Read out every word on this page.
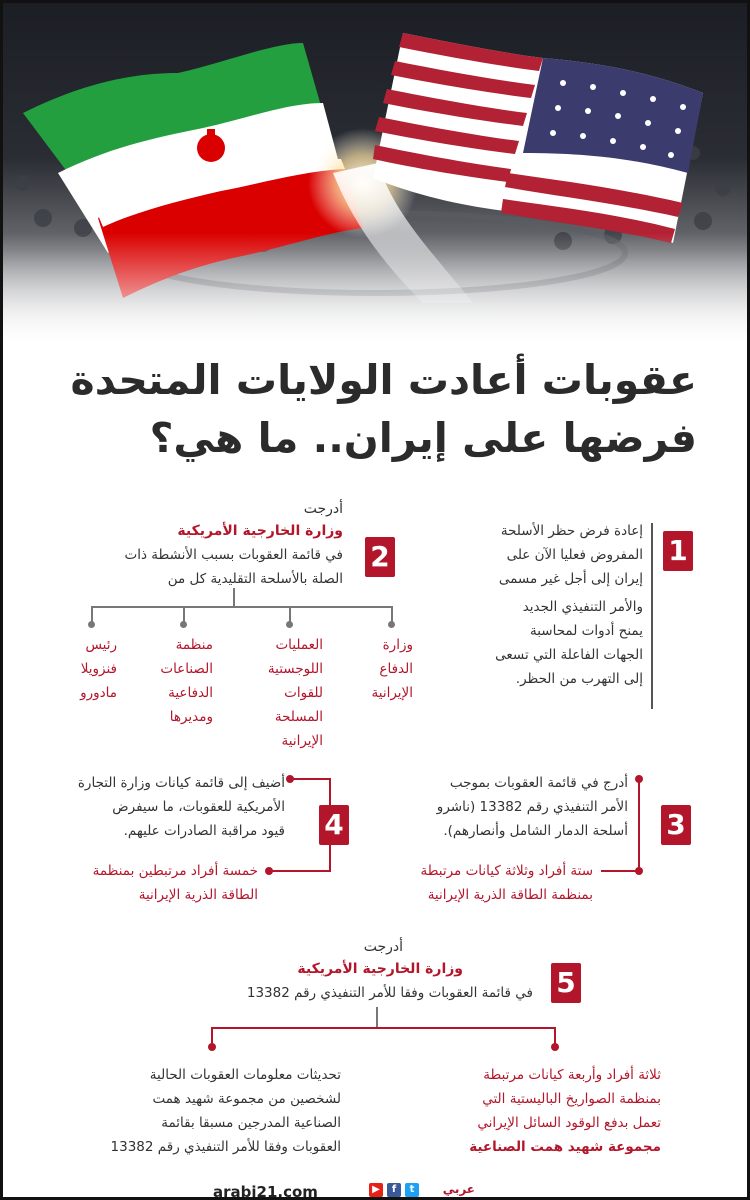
عقوبات أعادت الولايات المتحدة
فرضها على إيران.. ما هي؟
1
إعادة فرض حظر الأسلحة
المفروض فعليا الآن على
إيران إلى أجل غير مسمى
والأمر التنفيذي الجديد
يمنح أدوات لمحاسبة
الجهات الفاعلة التي تسعى
إلى التهرب من الحظر.
أدرجت
وزارة الخارجية الأمريكية
في قائمة العقوبات بسبب الأنشطة ذات
الصلة بالأسلحة التقليدية كل من
2
وزارة
الدفاع
الإيرانية
العمليات
اللوجستية
للقوات
المسلحة
الإيرانية
منظمة
الصناعات
الدفاعية
ومديرها
رئيس
فنزويلا
مادورو
3
أدرج في قائمة العقوبات بموجب
الأمر التنفيذي رقم 13382 (ناشرو
أسلحة الدمار الشامل وأنصارهم).
ستة أفراد وثلاثة كيانات مرتبطة
بمنظمة الطاقة الذرية الإيرانية
4
أضيف إلى قائمة كيانات وزارة التجارة
الأمريكية للعقوبات، ما سيفرض
قيود مراقبة الصادرات عليهم.
خمسة أفراد مرتبطين بمنظمة
الطاقة الذرية الإيرانية
أدرجت
وزارة الخارجية الأمريكية
في قائمة العقوبات وفقا للأمر التنفيذي رقم 13382 5
ثلاثة أفراد وأربعة كيانات مرتبطة
بمنظمة الصواريخ الباليستية التي
تعمل بدفع الوقود السائل الإيراني
مجموعة شهيد همت الصناعية
تحديثات معلومات العقوبات الحالية
لشخصين من مجموعة شهيد همت
الصناعية المدرجين مسبقا بقائمة
العقوبات وفقا للأمر التنفيذي رقم 13382
arabi21.com	▶	f	t	عربي
